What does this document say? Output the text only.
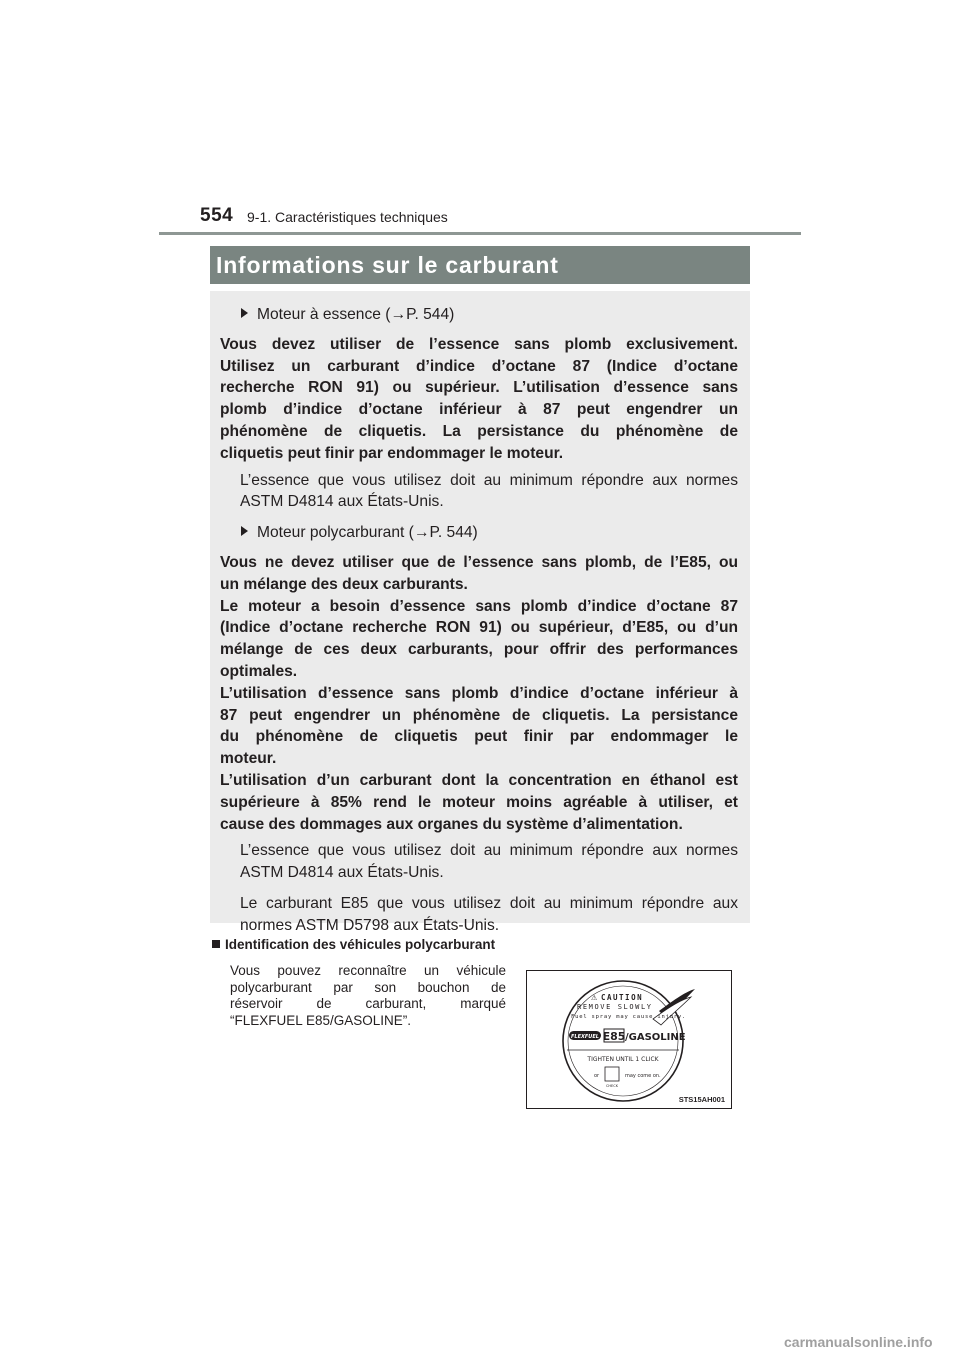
554 9-1. Caractéristiques techniques
Informations sur le carburant
Moteur à essence (→P. 544)
Vous devez utiliser de l’essence sans plomb exclusivement.
Utilisez un carburant d’indice d’octane 87 (Indice d’octane
recherche RON 91) ou supérieur. L’utilisation d’essence sans
plomb d’indice d’octane inférieur à 87 peut engendrer un
phénomène de cliquetis. La persistance du phénomène de
cliquetis peut finir par endommager le moteur.
L’essence que vous utilisez doit au minimum répondre aux normes
ASTM D4814 aux États-Unis.
Moteur polycarburant (→P. 544)
Vous ne devez utiliser que de l’essence sans plomb, de l’E85, ou
un mélange des deux carburants.
Le moteur a besoin d’essence sans plomb d’indice d’octane 87
(Indice d’octane recherche RON 91) ou supérieur, d’E85, ou d’un
mélange de ces deux carburants, pour offrir des performances
optimales.
L’utilisation d’essence sans plomb d’indice d’octane inférieur à
87 peut engendrer un phénomène de cliquetis. La persistance
du phénomène de cliquetis peut finir par endommager le
moteur.
L’utilisation d’un carburant dont la concentration en éthanol est
supérieure à 85% rend le moteur moins agréable à utiliser, et
cause des dommages aux organes du système d’alimentation.
L’essence que vous utilisez doit au minimum répondre aux normes
ASTM D4814 aux États-Unis.
Le carburant E85 que vous utilisez doit au minimum répondre aux
normes ASTM D5798 aux États-Unis.
Identification des véhicules polycarburant
Vous pouvez reconnaître un véhicule
polycarburant par son bouchon de
réservoir de carburant, marqué
“FLEXFUEL E85/GASOLINE”.
⚠ CAUTION
REMOVE SLOWLY
Fuel spray may cause injury.
FLEXFUEL E85 /GASOLINE
TIGHTEN UNTIL 1 CLICK
or
CHECK
may come on.
STS15AH001
carmanualsonline.info
